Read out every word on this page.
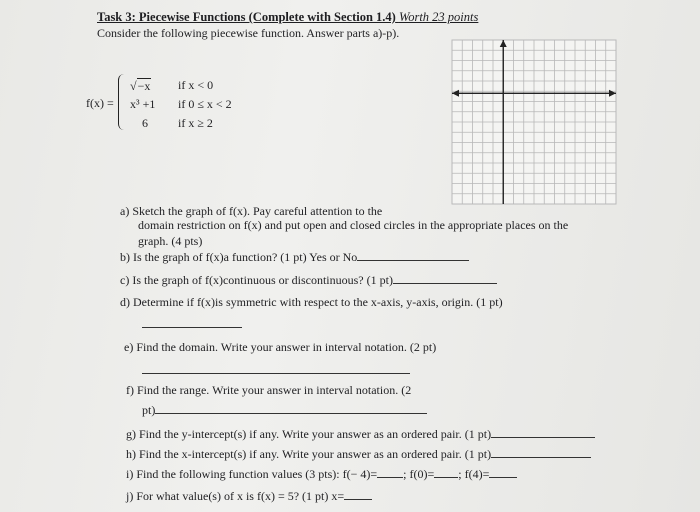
Task 3: Piecewise Functions (Complete with Section 1.4) Worth 23 points
Consider the following piecewise function. Answer parts a)-p).
f(x) =
√−x if x < 0
x³ +1 if 0 ≤ x < 2
6	if x ≥ 2
a) Sketch the graph of f(x). Pay careful attention to the
domain restriction on f(x) and put open and closed circles in the appropriate places on the
graph. (4 pts)
b) Is the graph of f(x)a function? (1 pt) Yes or No
c) Is the graph of f(x)continuous or discontinuous? (1 pt)
d) Determine if f(x)is symmetric with respect to the x-axis, y-axis, origin. (1 pt)
e) Find the domain. Write your answer in interval notation. (2 pt)
f) Find the range. Write your answer in interval notation. (2
pt)
g) Find the y-intercept(s) if any. Write your answer as an ordered pair. (1 pt)
h) Find the x-intercept(s) if any. Write your answer as an ordered pair. (1 pt)
i) Find the following function values (3 pts): f(− 4)= ; f(0)= ; f(4)=
j) For what value(s) of x is f(x) = 5? (1 pt) x=
